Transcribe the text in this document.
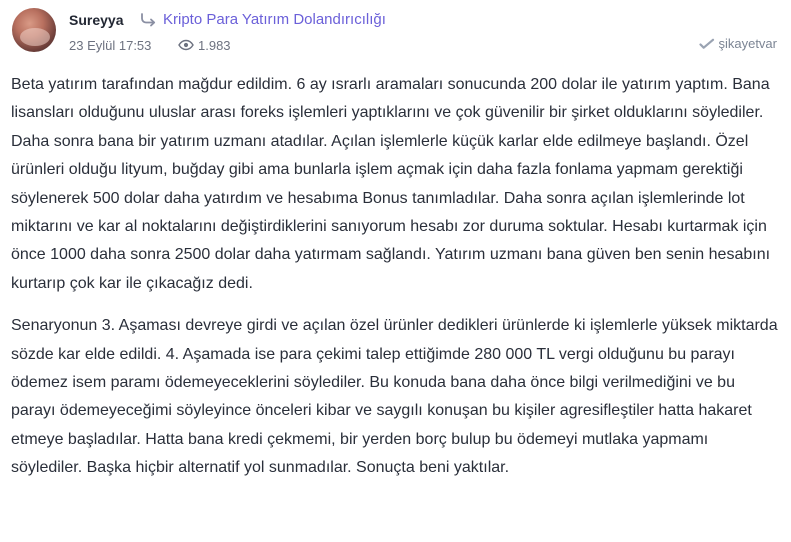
Sureyya	Kripto Para Yatırım Dolandırıcılığı
23 Eylül 17:53	1.983	şikayetvar

Beta yatırım tarafından mağdur edildim. 6 ay ısrarlı aramaları sonucunda 200 dolar ile yatırım yaptım. Bana lisansları olduğunu uluslar arası foreks işlemleri yaptıklarını ve çok güvenilir bir şirket olduklarını söylediler. Daha sonra bana bir yatırım uzmanı atadılar. Açılan işlemlerle küçük karlar elde edilmeye başlandı. Özel ürünleri olduğu lityum, buğday gibi ama bunlarla işlem açmak için daha fazla fonlama yapmam gerektiği söylenerek 500 dolar daha yatırdım ve hesabıma Bonus tanımladılar. Daha sonra açılan işlemlerinde lot miktarını ve kar al noktalarını değiştirdiklerini sanıyorum hesabı zor duruma soktular. Hesabı kurtarmak için önce 1000 daha sonra 2500 dolar daha yatırmam sağlandı. Yatırım uzmanı bana güven ben senin hesabını kurtarıp çok kar ile çıkacağız dedi.

Senaryonun 3. Aşaması devreye girdi ve açılan özel ürünler dedikleri ürünlerde ki işlemlerle yüksek miktarda sözde kar elde edildi. 4. Aşamada ise para çekimi talep ettiğimde 280 000 TL vergi olduğunu bu parayı ödemez isem paramı ödemeyeceklerini söylediler. Bu konuda bana daha önce bilgi verilmediğini ve bu parayı ödemeyeceğimi söyleyince önceleri kibar ve saygılı konuşan bu kişiler agresifleştiler hatta hakaret etmeye başladılar. Hatta bana kredi çekmemi, bir yerden borç bulup bu ödemeyi mutlaka yapmamı söylediler. Başka hiçbir alternatif yol sunmadılar. Sonuçta beni yaktılar.
